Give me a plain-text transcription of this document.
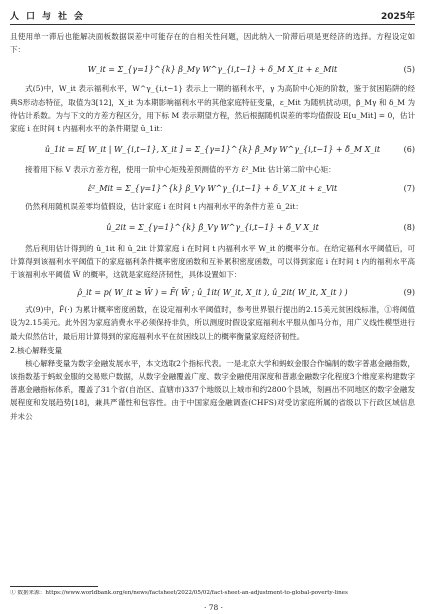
人口与社会	2025年

且使用单一滞后也能解决面板数据误差中可能存在的自相关性问题，因此纳入一阶滞后项是更经济的选择。方程设定如下：

W_it = Σ_{γ=1}^{k} β_Mγ W^γ_{i,t−1} + δ_M X_it + ε_Mit	(5)

式(5)中，W_it 表示福利水平，W^γ_{i,t−1} 表示上一期的福利水平，γ 为高阶中心矩的阶数，鉴于贫困陷阱的经典S形动态特征，取值为3[12]，X_it 为本期影响福利水平的其他家庭特征变量，ε_Mit 为随机扰动项，β_Mγ 和 δ_M 为待估计系数。为与下文的方差方程区分，用下标 M 表示期望方程，然后根据随机误差的零均值假设 E[u_Mit] = 0，估计家庭 i 在时间 t 内福利水平的条件期望 û_1it：

û_1it = E[ W_it | W_{i,t−1}, X_it ] = Σ_{γ=1}^{k} β̂_Mγ W^γ_{i,t−1} + δ̂_M X_it	(6)

接着用下标 V 表示方差方程，使用一阶中心矩残差预测值的平方 ε̂²_Mit 估计第二阶中心矩：

ε̂²_Mit = Σ_{γ=1}^{k} β_Vγ W^γ_{i,t−1} + δ_V X_it + ε_Vit	(7)

仍然利用随机误差零均值假设，估计家庭 i 在时间 t 内福利水平的条件方差 û_2it：

û_2it = Σ_{γ=1}^{k} β̂_Vγ W^γ_{i,t−1} + δ̂_V X_it	(8)

然后利用估计得到的 û_1it 和 û_2it 计算家庭 i 在时间 t 内福利水平 W_it 的概率分布。在给定福利水平阈值后，可计算得到该福利水平阈值下的家庭福利条件概率密度函数和互补累积密度函数，可以得到家庭 i 在时间 t 内的福利水平高于该福利水平阈值 W̄ 的概率，这就是家庭经济韧性，具体设置如下：

ρ̂_it = p( W_it ≥ W̄ ) = F̄( W̄ ; û_1it( W_it, X_it ), û_2it( W_it, X_it ) )	(9)

式(9)中，F̄(·) 为累计概率密度函数，在设定福利水平阈值时，参考世界银行提出的2.15美元贫困线标准，①将阈值设为2.15美元。此外因为家庭消费水平必须保持非负，所以测度时假设家庭福利水平服从伽马分布，用广义线性模型进行最大似然估计，最后用计算得到的家庭福利水平在贫困线以上的概率衡量家庭经济韧性。

2.核心解释变量

核心解释变量为数字金融发展水平，本文选取2个指标代表。一是北京大学和蚂蚁金服合作编制的数字普惠金融指数，该指数基于蚂蚁金服的交易账户数据，从数字金融覆盖广度、数字金融使用深度和普惠金融数字化程度3个维度来构建数字普惠金融指标体系，覆盖了31个省(自治区、直辖市)337个地级以上城市和约2800个县域，刻画出不同地区的数字金融发展程度和发展趋势[18]，兼具严谨性和包容性。由于中国家庭金融调查(CHFS)对受访家庭所属的省级以下行政区域信息并未公

① 数据来源：https://www.worldbank.org/en/news/factsheet/2022/05/02/fact-sheet-an-adjustment-to-global-poverty-lines
· 78 ·
